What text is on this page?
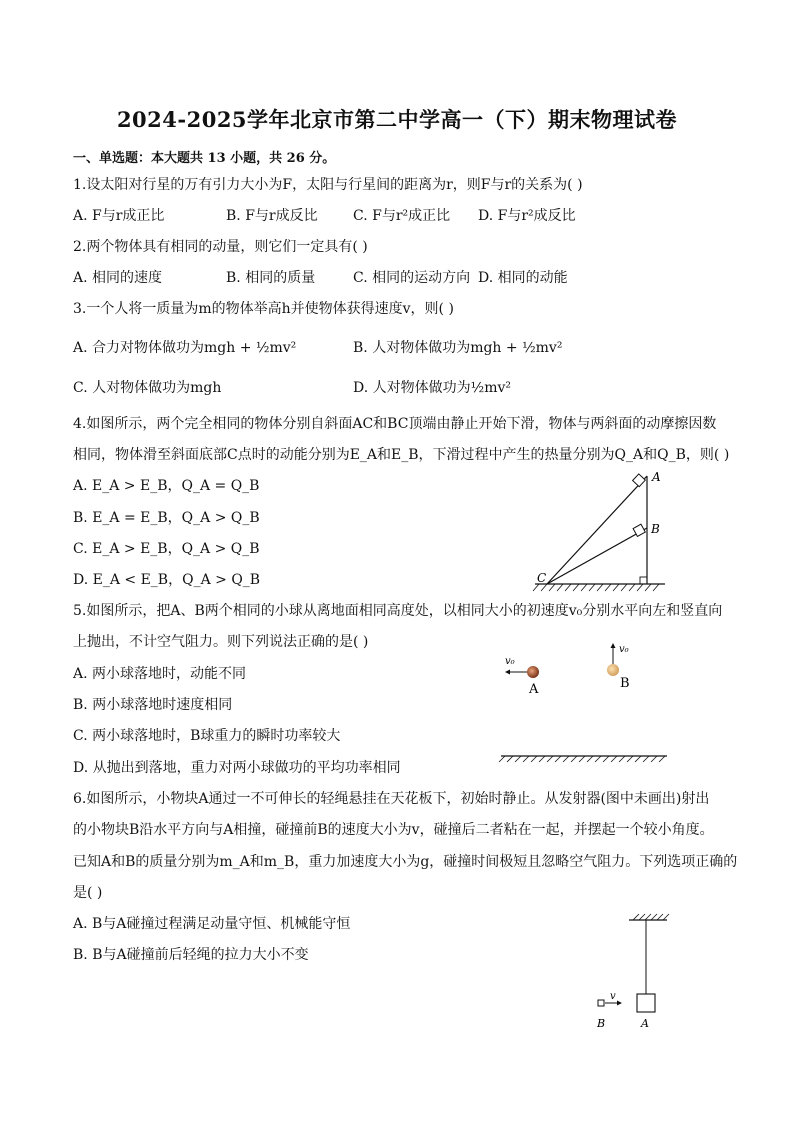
2024-2025学年北京市第二中学高一（下）期末物理试卷
一、单选题：本大题共 13 小题，共 26 分。
1.设太阳对行星的万有引力大小为F，太阳与行星间的距离为r，则F与r的关系为( )
A. F与r成正比	B. F与r成反比	C. F与r²成正比 D. F与r²成反比
2.两个物体具有相同的动量，则它们一定具有( )
A. 相同的速度	B. 相同的质量	C. 相同的运动方向 D. 相同的动能
3.一个人将一质量为m的物体举高h并使物体获得速度v，则( )
A. 合力对物体做功为mgh + ½mv²	B. 人对物体做功为mgh + ½mv²
C. 人对物体做功为mgh	D. 人对物体做功为½mv²
4.如图所示，两个完全相同的物体分别自斜面AC和BC顶端由静止开始下滑，物体与两斜面的动摩擦因数
相同，物体滑至斜面底部C点时的动能分别为E_A和E_B，下滑过程中产生的热量分别为Q_A和Q_B，则( )
A. E_A > E_B，Q_A = Q_B
B. E_A = E_B，Q_A > Q_B
C. E_A > E_B，Q_A > Q_B
D. E_A < E_B，Q_A > Q_B
A
B
C
5.如图所示，把A、B两个相同的小球从离地面相同高度处，以相同大小的初速度v₀分别水平向左和竖直向
上抛出，不计空气阻力。则下列说法正确的是( )
A. 两小球落地时，动能不同
B. 两小球落地时速度相同
C. 两小球落地时，B球重力的瞬时功率较大
D. 从抛出到落地，重力对两小球做功的平均功率相同
v₀
A
v₀
B
6.如图所示，小物块A通过一不可伸长的轻绳悬挂在天花板下，初始时静止。从发射器(图中未画出)射出
的小物块B沿水平方向与A相撞，碰撞前B的速度大小为v，碰撞后二者粘在一起，并摆起一个较小角度。
已知A和B的质量分别为m_A和m_B，重力加速度大小为g，碰撞时间极短且忽略空气阻力。下列选项正确的
是( )
A. B与A碰撞过程满足动量守恒、机械能守恒
B. B与A碰撞前后轻绳的拉力大小不变
A
v
B
